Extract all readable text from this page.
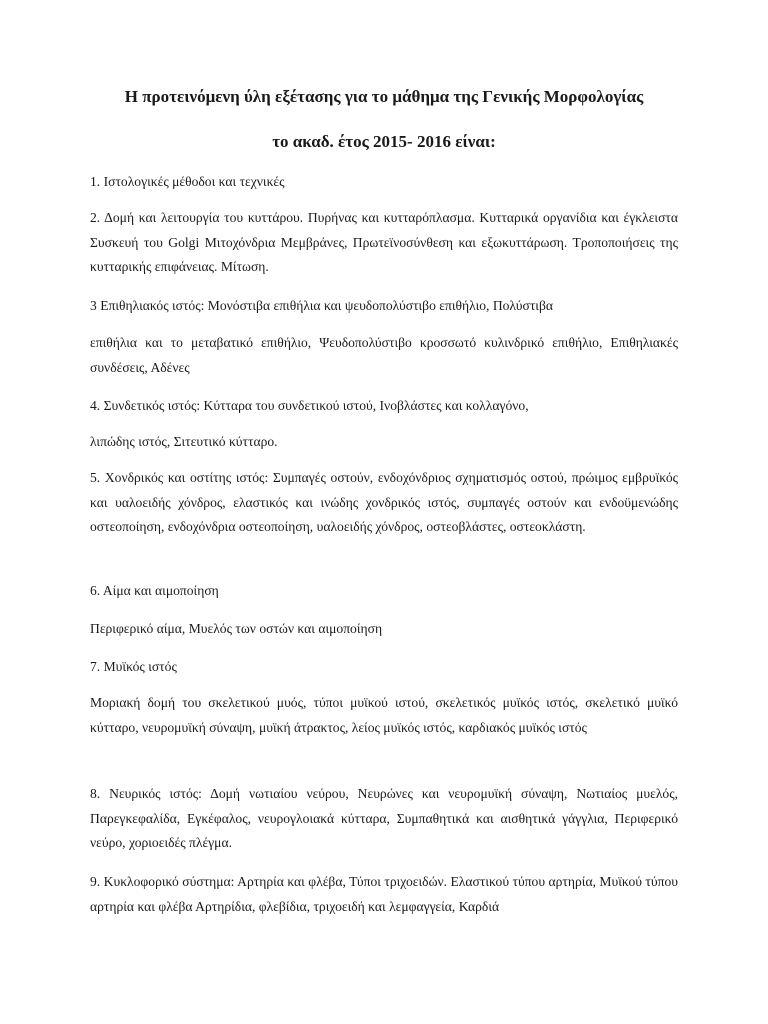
Η προτεινόμενη ύλη εξέτασης για το μάθημα της Γενικής Μορφολογίας
το ακαδ. έτος 2015- 2016 είναι:

1. Ιστολογικές μέθοδοι και τεχνικές

2. Δομή και λειτουργία του κυττάρου. Πυρήνας και κυτταρόπλασμα. Κυτταρικά οργανίδια και έγκλειστα Συσκευή του Golgi Μιτοχόνδρια Μεμβράνες, Πρωτεϊνοσύνθεση και εξωκυττάρωση. Τροποποιήσεις της κυτταρικής επιφάνειας. Μίτωση.

3 Επιθηλιακός ιστός: Μονόστιβα επιθήλια και ψευδοπολύστιβο επιθήλιο, Πολύστιβα

επιθήλια και το μεταβατικό επιθήλιο, Ψευδοπολύστιβο κροσσωτό κυλινδρικό επιθήλιο, Επιθηλιακές συνδέσεις, Αδένες

4. Συνδετικός ιστός: Κύτταρα του συνδετικού ιστού, Ινοβλάστες και κολλαγόνο,

λιπώδης ιστός, Σιτευτικό κύτταρο.

5. Χονδρικός και οστίτης ιστός: Συμπαγές οστούν, ενδοχόνδριος σχηματισμός οστού, πρώιμος εμβρυϊκός και υαλοειδής χόνδρος, ελαστικός και ινώδης χονδρικός ιστός, συμπαγές οστούν και ενδοϋμενώδης οστεοποίηση, ενδοχόνδρια οστεοποίηση, υαλοειδής χόνδρος, οστεοβλάστες, οστεοκλάστη.

6. Αίμα και αιμοποίηση

Περιφερικό αίμα, Μυελός των οστών και αιμοποίηση

7. Μυϊκός ιστός

Μοριακή δομή του σκελετικού μυός, τύποι μυϊκού ιστού, σκελετικός μυϊκός ιστός, σκελετικό μυϊκό κύτταρο, νευρομυϊκή σύναψη, μυϊκή άτρακτος, λείος μυϊκός ιστός, καρδιακός μυϊκός ιστός

8. Νευρικός ιστός: Δομή νωτιαίου νεύρου, Νευρώνες και νευρομυϊκή σύναψη, Νωτιαίος μυελός, Παρεγκεφαλίδα, Εγκέφαλος, νευρογλοιακά κύτταρα, Συμπαθητικά και αισθητικά γάγγλια, Περιφερικό νεύρο, χοριοειδές πλέγμα.

9. Κυκλοφορικό σύστημα: Αρτηρία και φλέβα, Τύποι τριχοειδών. Ελαστικού τύπου αρτηρία, Μυϊκού τύπου αρτηρία και φλέβα Αρτηρίδια, φλεβίδια, τριχοειδή και λεμφαγγεία, Καρδιά
